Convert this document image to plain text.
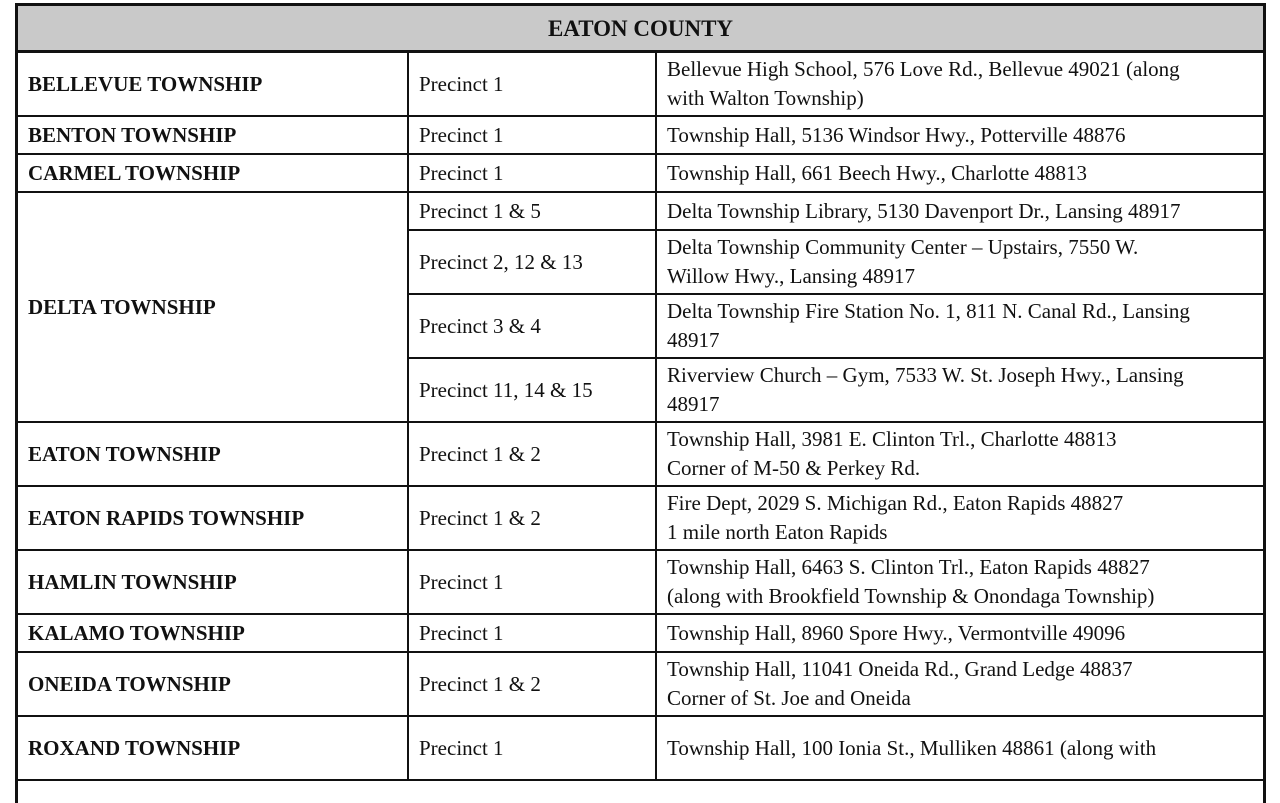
EATON COUNTY		
BELLEVUE TOWNSHIP	Precinct 1	Bellevue High School, 576 Love Rd., Bellevue 49021 (along
with Walton Township)

BENTON TOWNSHIP	Precinct 1	Township Hall, 5136 Windsor Hwy., Potterville 48876

CARMEL TOWNSHIP	Precinct 1	Township Hall, 661 Beech Hwy., Charlotte 48813

DELTA TOWNSHIP	Precinct 1 & 5	Delta Township Library, 5130 Davenport Dr., Lansing 48917

	Precinct 2, 12 & 13	Delta Township Community Center – Upstairs, 7550 W.
Willow Hwy., Lansing 48917

	Precinct 3 & 4	Delta Township Fire Station No. 1, 811 N. Canal Rd., Lansing
48917

	Precinct 11, 14 & 15	Riverview Church – Gym, 7533 W. St. Joseph Hwy., Lansing
48917

EATON TOWNSHIP	Precinct 1 & 2	Township Hall, 3981 E. Clinton Trl., Charlotte 48813
Corner of M-50 & Perkey Rd.

EATON RAPIDS TOWNSHIP	Precinct 1 & 2	Fire Dept, 2029 S. Michigan Rd., Eaton Rapids 48827
1 mile north Eaton Rapids

HAMLIN TOWNSHIP	Precinct 1	Township Hall, 6463 S. Clinton Trl., Eaton Rapids 48827
(along with Brookfield Township & Onondaga Township)

KALAMO TOWNSHIP	Precinct 1	Township Hall, 8960 Spore Hwy., Vermontville 49096

ONEIDA TOWNSHIP	Precinct 1 & 2	Township Hall, 11041 Oneida Rd., Grand Ledge 48837
Corner of St. Joe and Oneida

ROXAND TOWNSHIP	Precinct 1	Township Hall, 100 Ionia St., Mulliken 48861 (along with
